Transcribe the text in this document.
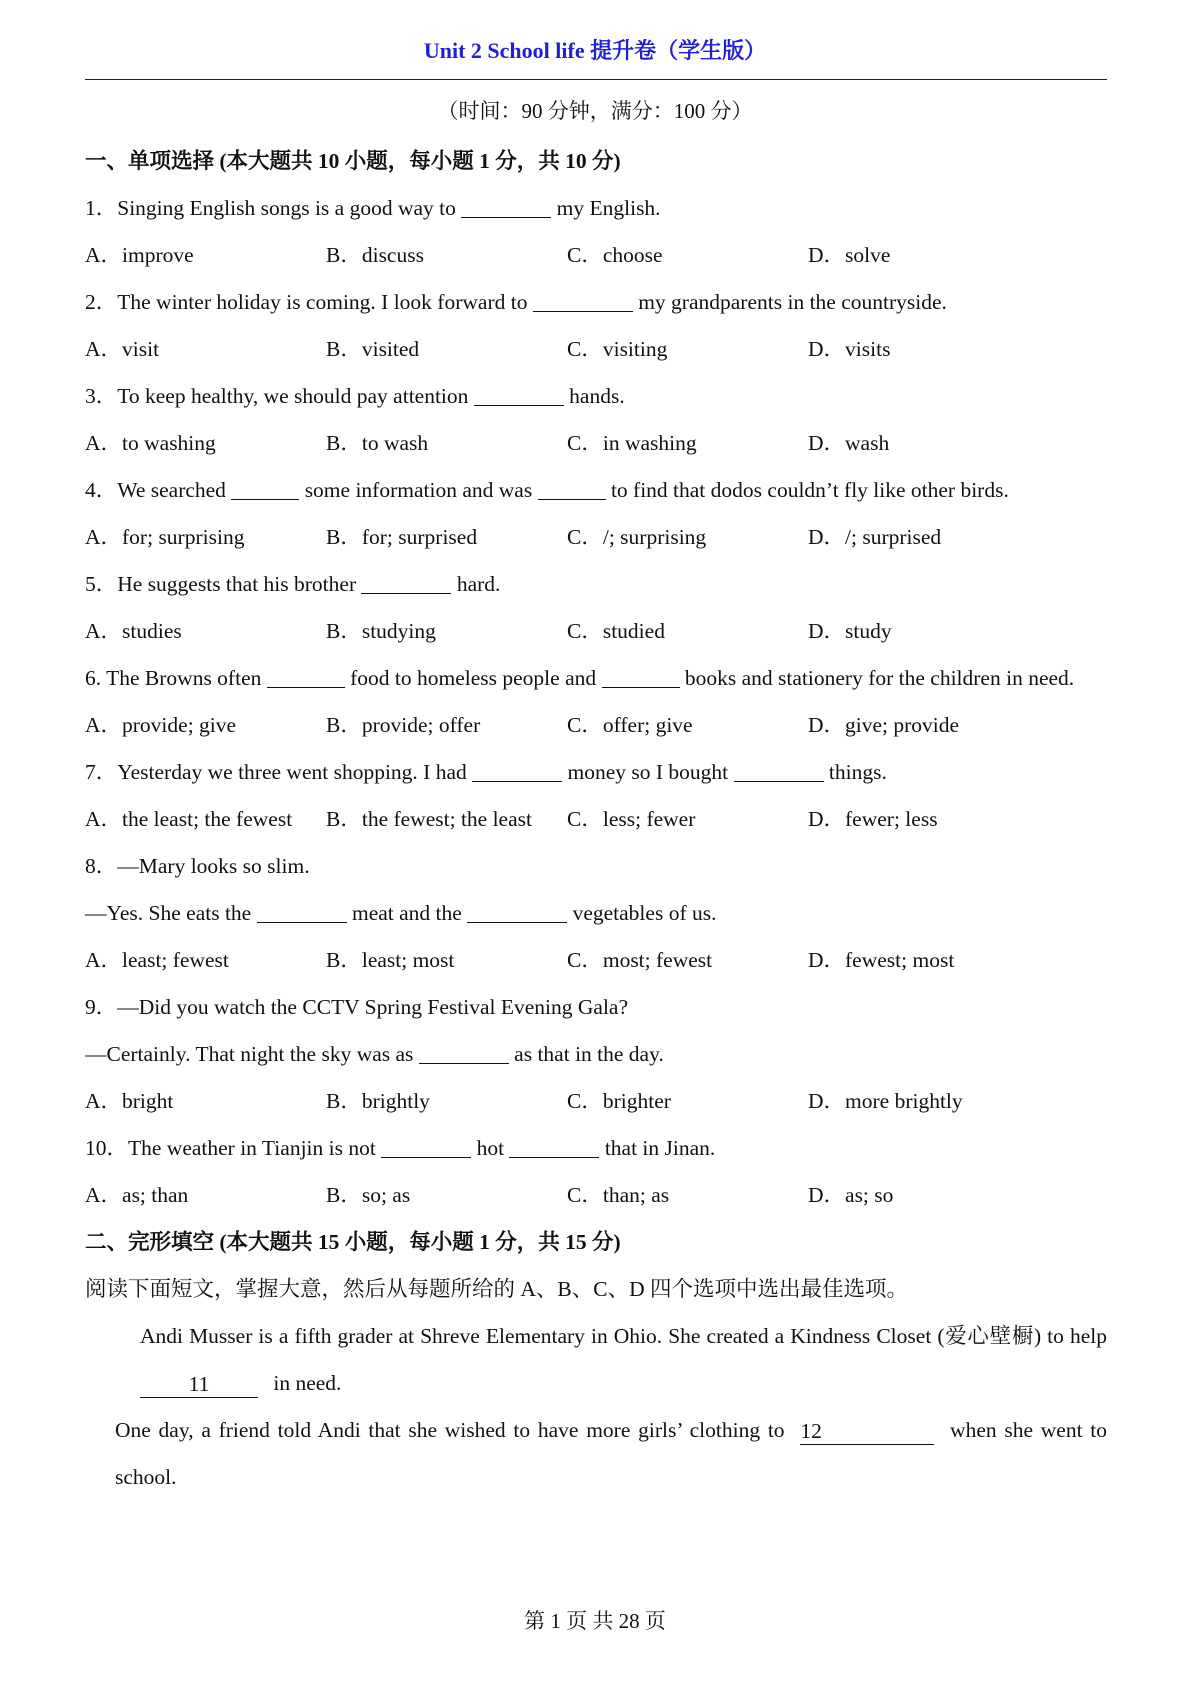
Unit 2 School life 提升卷（学生版）
（时间：90 分钟，满分：100 分）
一、单项选择 (本大题共 10 小题，每小题 1 分，共 10 分)
1．Singing English songs is a good way to	my English.
A．improve	B．discuss	C．choose	D．solve
2．The winter holiday is coming. I look forward to	my grandparents in the countryside.
A．visit	B．visited	C．visiting	D．visits
3．To keep healthy, we should pay attention	hands.
A．to washing	B．to wash	C．in washing	D．wash
4．We searched	some information and was	to find that dodos couldn’t fly like other birds.
A．for; surprising	B．for; surprised	C．/; surprising	D．/; surprised
5．He suggests that his brother	hard.
A．studies	B．studying	C．studied	D．study
6. The Browns often	food to homeless people and	books and stationery for the children in need.
A．provide; give	B．provide; offer	C．offer; give	D．give; provide
7．Yesterday we three went shopping. I had	money so I bought	things.
A．the least; the fewest	B．the fewest; the least	C．less; fewer	D．fewer; less
8．—Mary looks so slim.
—Yes. She eats the	meat and the	vegetables of us.
A．least; fewest	B．least; most	C．most; fewest	D．fewest; most
9．—Did you watch the CCTV Spring Festival Evening Gala?
—Certainly. That night the sky was as	as that in the day.
A．bright	B．brightly	C．brighter	D．more brightly
10．The weather in Tianjin is not	hot	that in Jinan.
A．as; than	B．so; as	C．than; as	D．as; so
二、完形填空 (本大题共 15 小题，每小题 1 分，共 15 分)
阅读下面短文，掌握大意，然后从每题所给的 A、B、C、D 四个选项中选出最佳选项。
Andi Musser is a fifth grader at Shreve Elementary in Ohio. She created a Kindness Closet (爱心壁橱) to help 11	in need.
One day, a friend told Andi that she wished to have more girls’ clothing to 12	when she went to school.
第 1 页 共 28 页
